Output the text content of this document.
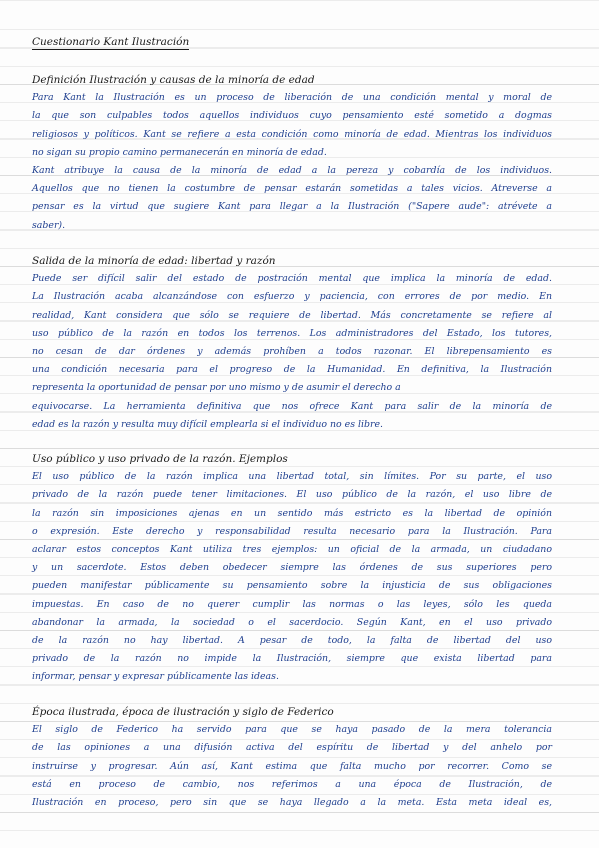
Cuestionario Kant Ilustración
Definición Ilustración y causas de la minoría de edad
Para Kant la Ilustración es un proceso de liberación de una condición mental y moral de
la que son culpables todos aquellos individuos cuyo pensamiento esté sometido a dogmas
religiosos y políticos. Kant se refiere a esta condición como minoría de edad. Mientras los individuos
no sigan su propio camino permanecerán en minoría de edad.
Kant atribuye la causa de la minoría de edad a la pereza y cobardía de los individuos.
Aquellos que no tienen la costumbre de pensar estarán sometidas a tales vicios. Atreverse a
pensar es la virtud que sugiere Kant para llegar a la Ilustración ("Sapere aude": atrévete a
saber).
Salida de la minoría de edad: libertad y razón
Puede ser difícil salir del estado de postración mental que implica la minoría de edad.
La Ilustración acaba alcanzándose con esfuerzo y paciencia, con errores de por medio. En
realidad, Kant considera que sólo se requiere de libertad. Más concretamente se refiere al
uso público de la razón en todos los terrenos. Los administradores del Estado, los tutores,
no cesan de dar órdenes y además prohíben a todos razonar. El librepensamiento es
una condición necesaria para el progreso de la Humanidad. En definitiva, la Ilustración
representa la oportunidad de pensar por uno mismo y de asumir el derecho a
equivocarse. La herramienta definitiva que nos ofrece Kant para salir de la minoría de
edad es la razón y resulta muy difícil emplearla si el individuo no es libre.
Uso público y uso privado de la razón. Ejemplos
El uso público de la razón implica una libertad total, sin límites. Por su parte, el uso
privado de la razón puede tener limitaciones. El uso público de la razón, el uso libre de
la razón sin imposiciones ajenas en un sentido más estricto es la libertad de opinión
o expresión. Este derecho y responsabilidad resulta necesario para la Ilustración. Para
aclarar estos conceptos Kant utiliza tres ejemplos: un oficial de la armada, un ciudadano
y un sacerdote. Estos deben obedecer siempre las órdenes de sus superiores pero
pueden manifestar públicamente su pensamiento sobre la injusticia de sus obligaciones
impuestas. En caso de no querer cumplir las normas o las leyes, sólo les queda
abandonar la armada, la sociedad o el sacerdocio. Según Kant, en el uso privado
de la razón no hay libertad. A pesar de todo, la falta de libertad del uso
privado de la razón no impide la Ilustración, siempre que exista libertad para
informar, pensar y expresar públicamente las ideas.
Época ilustrada, época de ilustración y siglo de Federico
El siglo de Federico ha servido para que se haya pasado de la mera tolerancia
de las opiniones a una difusión activa del espíritu de libertad y del anhelo por
instruirse y progresar. Aún así, Kant estima que falta mucho por recorrer. Como se
está en proceso de cambio, nos referimos a una época de Ilustración, de
Ilustración en proceso, pero sin que se haya llegado a la meta. Esta meta ideal es,
